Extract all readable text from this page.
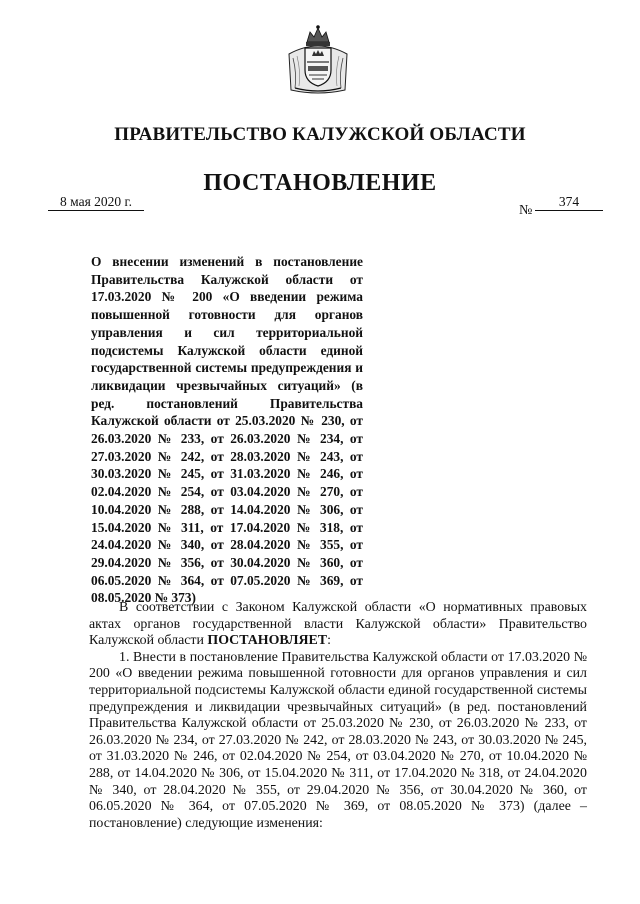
ПРАВИТЕЛЬСТВО КАЛУЖСКОЙ ОБЛАСТИ
ПОСТАНОВЛЕНИЕ
8 мая 2020 г.
№
374

О внесении изменений в постановление Правительства Калужской области от 17.03.2020 № 200 «О введении режима повышенной готовности для органов управления и сил территориальной подсистемы Калужской области единой государственной системы предупреждения и ликвидации чрезвычайных ситуаций» (в ред. постановлений Правительства Калужской области от 25.03.2020 № 230, от 26.03.2020 № 233, от 26.03.2020 № 234, от 27.03.2020 № 242, от 28.03.2020 № 243, от 30.03.2020 № 245, от 31.03.2020 № 246, от 02.04.2020 № 254, от 03.04.2020 № 270, от 10.04.2020 № 288, от 14.04.2020 № 306, от 15.04.2020 № 311, от 17.04.2020 № 318, от 24.04.2020 № 340, от 28.04.2020 № 355, от 29.04.2020 № 356, от 30.04.2020 № 360, от 06.05.2020 № 364, от 07.05.2020 № 369, от 08.05.2020 № 373)

В соответствии с Законом Калужской области «О нормативных правовых актах органов государственной власти Калужской области» Правительство Калужской области ПОСТАНОВЛЯЕТ:

1. Внести в постановление Правительства Калужской области от 17.03.2020 № 200 «О введении режима повышенной готовности для органов управления и сил территориальной подсистемы Калужской области единой государственной системы предупреждения и ликвидации чрезвычайных ситуаций» (в ред. постановлений Правительства Калужской области от 25.03.2020 № 230, от 26.03.2020 № 233, от 26.03.2020 № 234, от 27.03.2020 № 242, от 28.03.2020 № 243, от 30.03.2020 № 245, от 31.03.2020 № 246, от 02.04.2020 № 254, от 03.04.2020 № 270, от 10.04.2020 № 288, от 14.04.2020 № 306, от 15.04.2020 № 311, от 17.04.2020 № 318, от 24.04.2020 № 340, от 28.04.2020 № 355, от 29.04.2020 № 356, от 30.04.2020 № 360, от 06.05.2020 № 364, от 07.05.2020 № 369, от 08.05.2020 № 373) (далее – постановление) следующие изменения:
